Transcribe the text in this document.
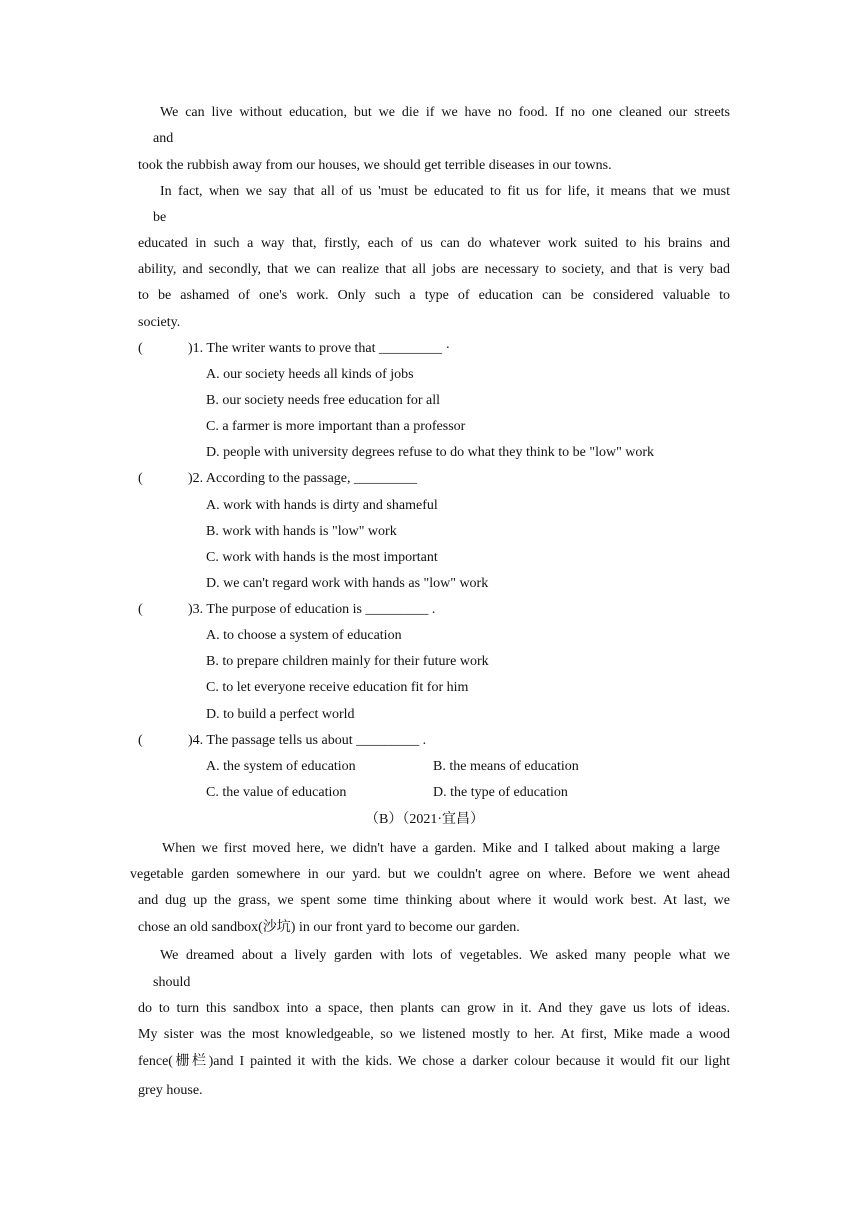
We can live without education, but we die if we have no food. If no one cleaned our streets
and
took the rubbish away from our houses, we should get terrible diseases in our towns.
In fact, when we say that all of us 'must be educated to fit us for life, it means that we must
be
educated in such a way that, firstly, each of us can do whatever work suited to his brains and
ability, and secondly, that we can realize that all jobs are necessary to society, and that is very bad
to be ashamed of one's work. Only such a type of education can be considered valuable to
society.
(	)1. The writer wants to prove that _________ ·
A. our society heeds all kinds of jobs
B. our society needs free education for all
C. a farmer is more important than a professor
D. people with university degrees refuse to do what they think to be "low" work
(	)2. According to the passage, _________
A. work with hands is dirty and shameful
B. work with hands is "low" work
C. work with hands is the most important
D. we can't regard work with hands as "low" work
(	)3. The purpose of education is _________ .
A. to choose a system of education
B. to prepare children mainly for their future work
C. to let everyone receive education fit for him
D. to build a perfect world
(	)4. The passage tells us about _________ .
A. the system of education	B. the means of education
C. the value of education	D. the type of education
（B）（2021·宜昌）
When we first moved here, we didn't have a garden. Mike and I talked about making a large
vegetable garden somewhere in our yard. but we couldn't agree on where. Before we went ahead
and dug up the grass, we spent some time thinking about where it would work best. At last, we
chose an old sandbox(沙坑) in our front yard to become our garden.
We dreamed about a lively garden with lots of vegetables. We asked many people what we
should
do to turn this sandbox into a space, then plants can grow in it. And they gave us lots of ideas.
My sister was the most knowledgeable, so we listened mostly to her. At first, Mike made a wood
fence(栅栏)and I painted it with the kids. We chose a darker colour because it would fit our light
grey house.
